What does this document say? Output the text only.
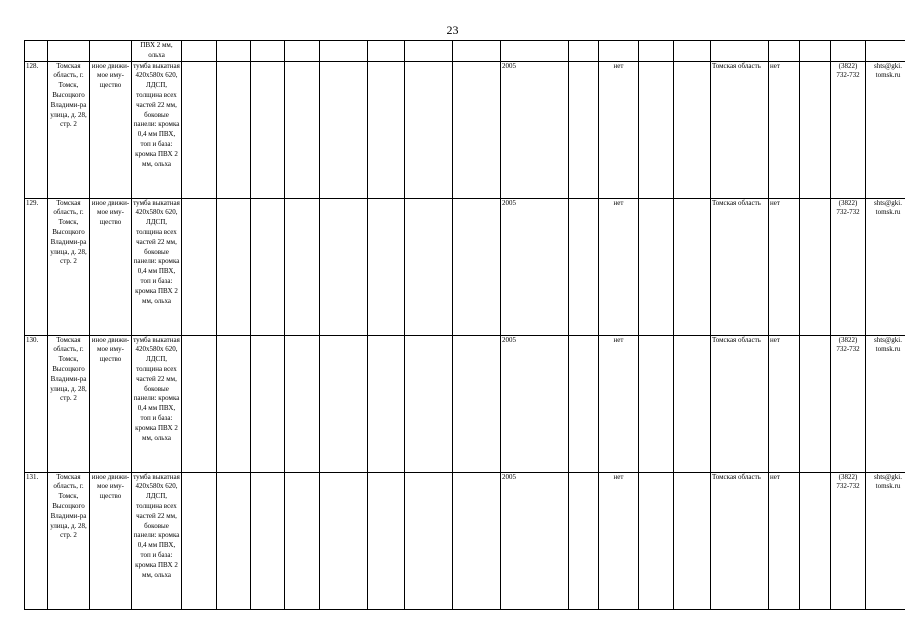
23
			ПВХ 2 мм, ольха																		
128.	Томская область, г. Томск, Высоцкого Владими-ра улица, д. 28, стр. 2	иное движи-мое иму-щество	тумба выкатная 420х580х 620, ЛДСП, толщина всех частей 22 мм, боковые панели: кромка 0,4 мм ПВХ, топ и база: кромка ПВХ 2 мм, ольха									2005		нет			Томская область	нет		(3822) 732-732	shts@gki. tomsk.ru
129.	Томская область, г. Томск, Высоцкого Владими-ра улица, д. 28, стр. 2	иное движи-мое иму-щество	тумба выкатная 420х580х 620, ЛДСП, толщина всех частей 22 мм, боковые панели: кромка 0,4 мм ПВХ, топ и база: кромка ПВХ 2 мм, ольха									2005		нет			Томская область	нет		(3822) 732-732	shts@gki. tomsk.ru
130.	Томская область, г. Томск, Высоцкого Владими-ра улица, д. 28, стр. 2	иное движи-мое иму-щество	тумба выкатная 420х580х 620, ЛДСП, толщина всех частей 22 мм, боковые панели: кромка 0,4 мм ПВХ, топ и база: кромка ПВХ 2 мм, ольха									2005		нет			Томская область	нет		(3822) 732-732	shts@gki. tomsk.ru
131.	Томская область, г. Томск, Высоцкого Владими-ра улица, д. 28, стр. 2	иное движи-мое иму-щество	тумба выкатная 420х580х 620, ЛДСП, толщина всех частей 22 мм, боковые панели: кромка 0,4 мм ПВХ, топ и база: кромка ПВХ 2 мм, ольха									2005		нет			Томская область	нет		(3822) 732-732	shts@gki. tomsk.ru
